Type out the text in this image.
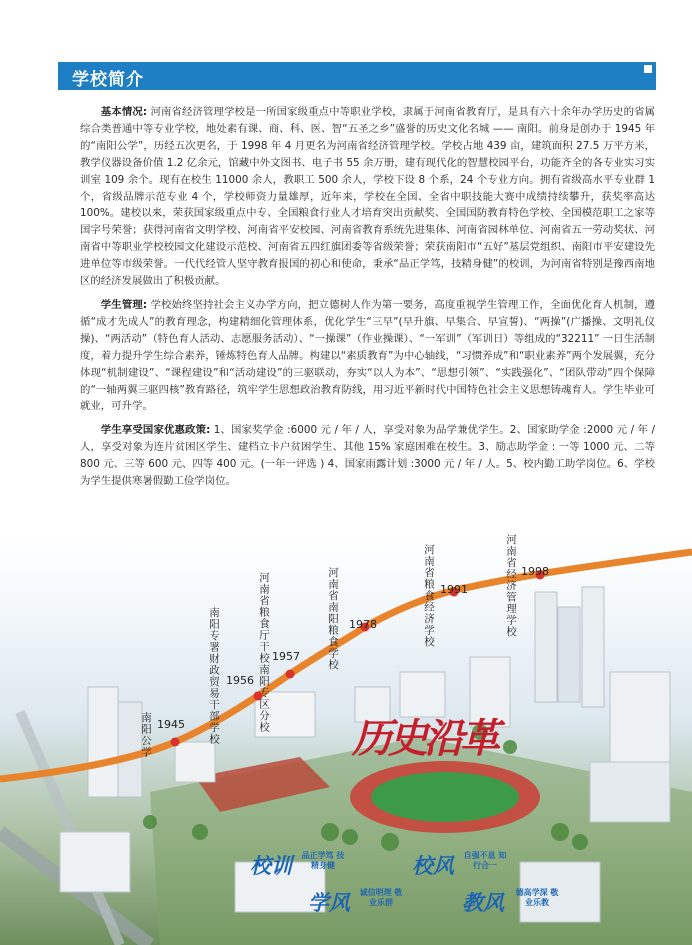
学校简介

基本情况: 河南省经济管理学校是一所国家级重点中等职业学校，隶属于河南省教育厅，是具有六十余年办学历史的省属综合类普通中等专业学校，地处素有课、商、科、医、智“五圣之乡”盛誉的历史文化名城 —— 南阳。前身是创办于 1945 年的“南阳公学”，历经五次更名，于 1998 年 4 月更名为河南省经济管理学校。学校占地 439 亩，建筑面积 27.5 万平方米，教学仪器设备价值 1.2 亿余元，馆藏中外文图书、电子书 55 余万册，建有现代化的智慧校园平台，功能齐全的各专业实习实训室 109 余个。现有在校生 11000 余人，教职工 500 余人，学校下设 8 个系，24 个专业方向。拥有省级高水平专业群 1 个，省级品牌示范专业 4 个，学校师资力量雄厚，近年来，学校在全国、全省中职技能大赛中成绩持续攀升，获奖率高达 100%。建校以来，荣获国家级重点中专、全国粮食行业人才培育突出贡献奖、全国国防教育特色学校、全国模范职工之家等国字号荣誉；获得河南省文明学校、河南省平安校园、河南省教育系统先进集体、河南省园林单位、河南省五一劳动奖状、河南省中等职业学校校园文化建设示范校、河南省五四红旗团委等省级荣誉；荣获南阳市“五好”基层党组织、南阳市平安建设先进单位等市级荣誉。一代代经管人坚守教育报国的初心和使命，秉承“品正学笃，技精身健”的校训，为河南省特别是豫西南地区的经济发展做出了积极贡献。

学生管理: 学校始终坚持社会主义办学方向，把立德树人作为第一要务，高度重视学生管理工作，全面优化育人机制，遵循“成才先成人”的教育理念，构建精细化管理体系，优化学生“三早”(早升旗、早集合、早宣誓)、“两操”(广播操、文明礼仪操)、“两活动”（特色育人活动、志愿服务活动）、“一操课”（作业操课）、“一军训”（军训日）等组成的“32211” 一日生活制度，着力提升学生综合素养，锤炼特色育人品牌。构建以“素质教育”为中心轴线，“习惯养成”和“职业素养”两个发展翼，充分体现“机制建设”、“课程建设”和“活动建设”的三驱联动，夯实“以人为本”、“思想引领”、“实践强化”、“团队带动”四个保障的“一轴两翼三驱四核”教育路径，筑牢学生思想政治教育防线，用习近平新时代中国特色社会主义思想铸魂育人。学生毕业可就业，可升学。

学生享受国家优惠政策: 1、国家奖学金 :6000 元 / 年 / 人，享受对象为品学兼优学生。2、国家助学金 :2000 元 / 年 / 人，享受对象为连片贫困区学生、建档立卡户贫困学生、其他 15% 家庭困难在校生。3、励志助学金 : 一等 1000 元、二等 800 元、三等 600 元、四等 400 元。(一年一评选 ) 4、国家雨露计划 :3000 元 / 年 / 人。5、校内勤工助学岗位。6、学校为学生提供寒暑假勤工俭学岗位。

南阳公学 1945 南阳专署财政贸易干部学校 1956 河南省粮食厅干校南阳专区分校 1957	河南省南阳粮食学校 1978	河南省粮食经济学校 1991	河南省经济管理学校 1998
历史沿革
校训 品正学笃 技精身健	校风 自强不息 知行合一
学风 诚信明理 敬业乐群	教风 德高学深 敬业乐教
